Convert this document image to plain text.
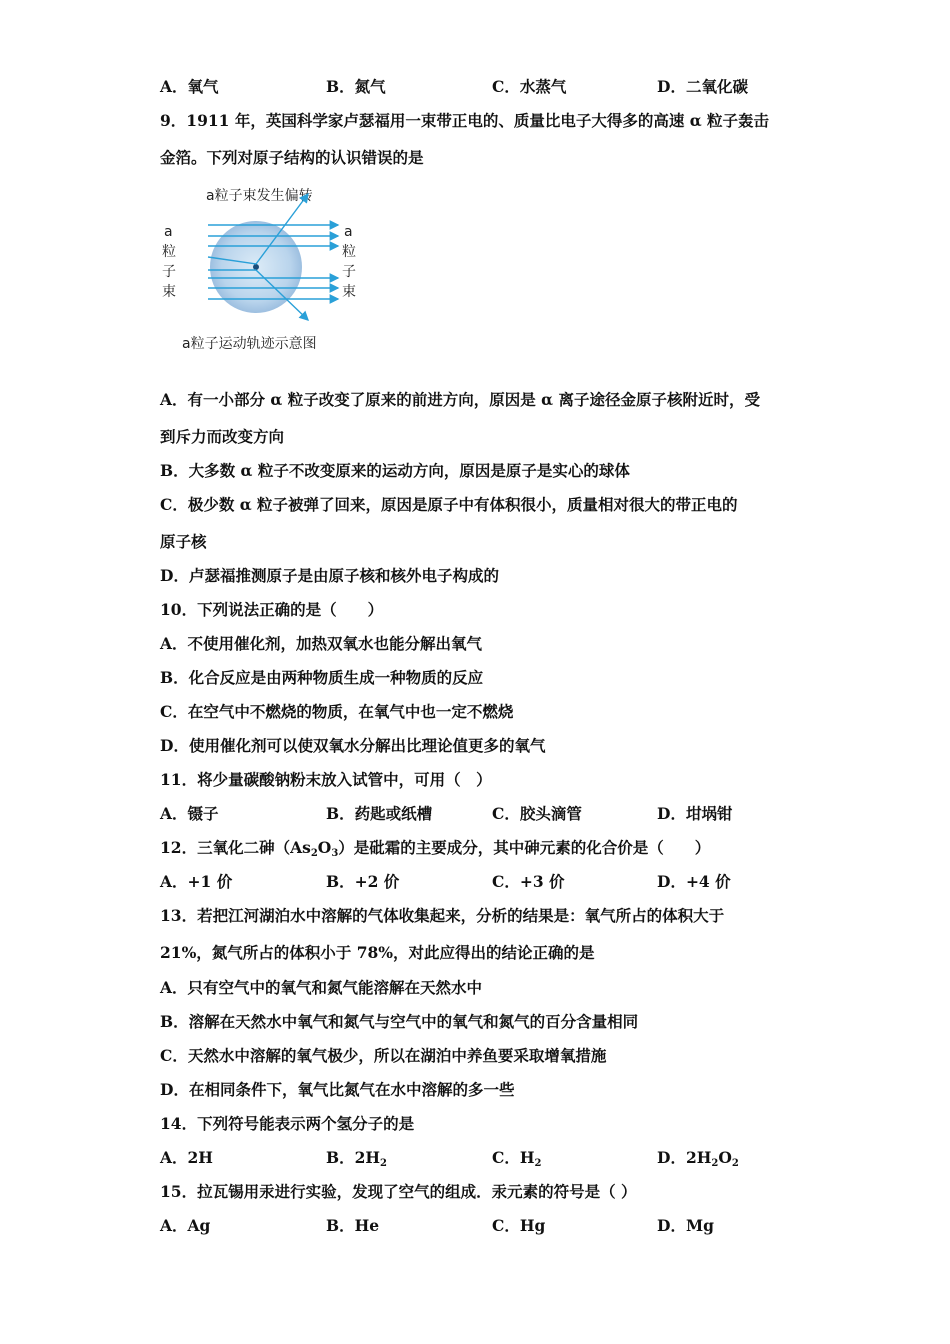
A．氧气	B．氮气	C．水蒸气	D．二氧化碳
9．1911 年，英国科学家卢瑟福用一束带正电的、质量比电子大得多的高速 α 粒子轰击
金箔。下列对原子结构的认识错误的是
a粒子束发生偏转
a
粒
子
束
a
粒
子
束
a粒子运动轨迹示意图
A．有一小部分 α 粒子改变了原来的前进方向，原因是 α 离子途径金原子核附近时，受
到斥力而改变方向
B．大多数 α 粒子不改变原来的运动方向，原因是原子是实心的球体
C．极少数 α 粒子被弹了回来，原因是原子中有体积很小，质量相对很大的带正电的
原子核
D．卢瑟福推测原子是由原子核和核外电子构成的
10．下列说法正确的是（　　）
A．不使用催化剂，加热双氧水也能分解出氧气
B．化合反应是由两种物质生成一种物质的反应
C．在空气中不燃烧的物质，在氧气中也一定不燃烧
D．使用催化剂可以使双氧水分解出比理论值更多的氧气
11．将少量碳酸钠粉末放入试管中，可用（　）
A．镊子	B．药匙或纸槽	C．胶头滴管	D．坩埚钳
12．三氧化二砷$(As_2O_3)$是砒霜的主要成分，其中砷元素的化合价是（　　）
A．+1 价	B．+2 价	C．+3 价	D．+4 价
13．若把江河湖泊水中溶解的气体收集起来，分析的结果是：氧气所占的体积大于
21%，氮气所占的体积小于 78%，对此应得出的结论正确的是
A．只有空气中的氧气和氮气能溶解在天然水中
B．溶解在天然水中氧气和氮气与空气中的氧气和氮气的百分含量相同
C．天然水中溶解的氧气极少，所以在湖泊中养鱼要采取增氧措施
D．在相同条件下，氧气比氮气在水中溶解的多一些
14．下列符号能表示两个氢分子的是
A．2H	B．$2H_2$	C．$H_2$	D．$2H_2O_2$
15．拉瓦锡用汞进行实验，发现了空气的组成．汞元素的符号是（ ）
A．Ag	B．He	C．Hg	D．Mg
